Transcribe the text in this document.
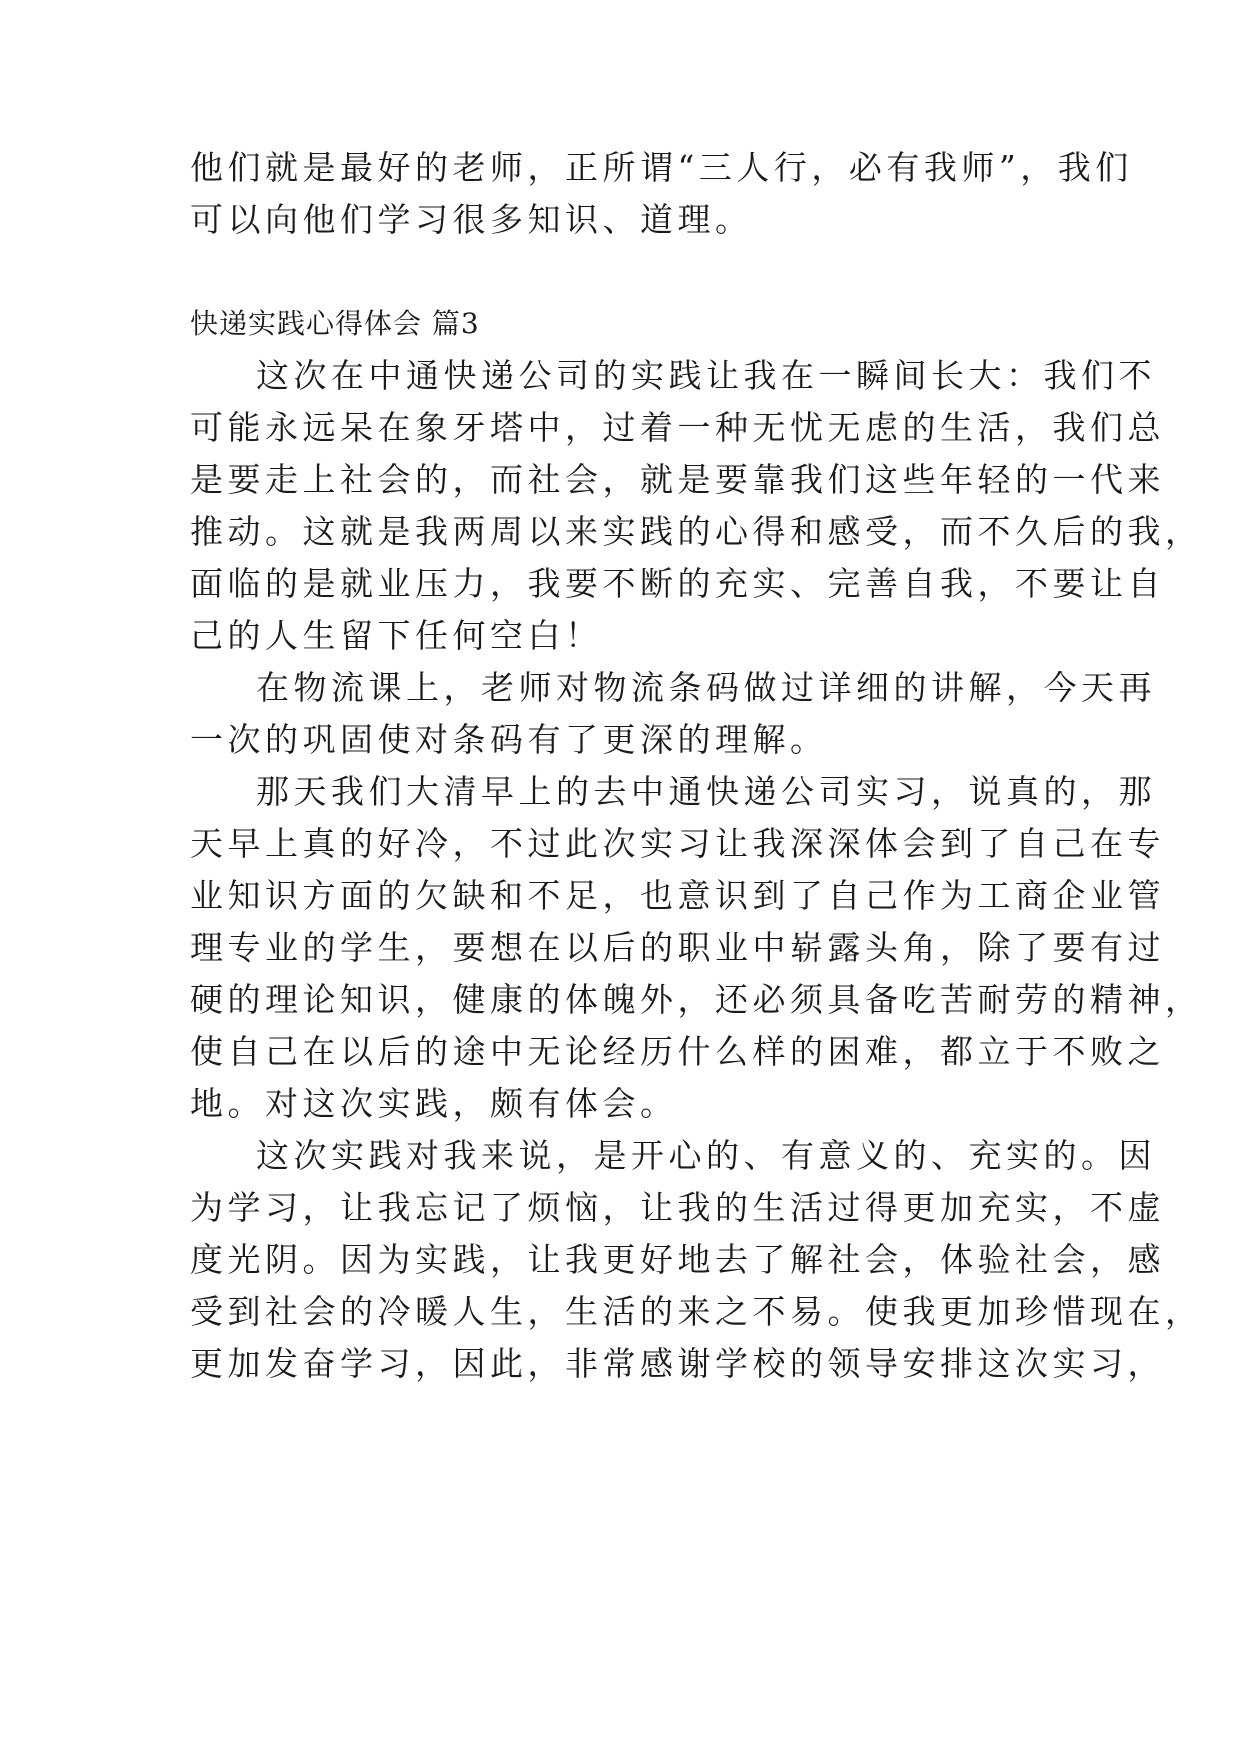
他们就是最好的老师，正所谓“三人行，必有我师”，我们
可以向他们学习很多知识、道理。
快递实践心得体会 篇3
这次在中通快递公司的实践让我在一瞬间长大：我们不
可能永远呆在象牙塔中，过着一种无忧无虑的生活，我们总
是要走上社会的，而社会，就是要靠我们这些年轻的一代来
推动。这就是我两周以来实践的心得和感受，而不久后的我，
面临的是就业压力，我要不断的充实、完善自我，不要让自
己的人生留下任何空白！
在物流课上，老师对物流条码做过详细的讲解，今天再
一次的巩固使对条码有了更深的理解。
那天我们大清早上的去中通快递公司实习，说真的，那
天早上真的好冷，不过此次实习让我深深体会到了自己在专
业知识方面的欠缺和不足，也意识到了自己作为工商企业管
理专业的学生，要想在以后的职业中崭露头角，除了要有过
硬的理论知识，健康的体魄外，还必须具备吃苦耐劳的精神，
使自己在以后的途中无论经历什么样的困难，都立于不败之
地。对这次实践，颇有体会。
这次实践对我来说，是开心的、有意义的、充实的。因
为学习，让我忘记了烦恼，让我的生活过得更加充实，不虚
度光阴。因为实践，让我更好地去了解社会，体验社会，感
受到社会的冷暖人生，生活的来之不易。使我更加珍惜现在，
更加发奋学习，因此，非常感谢学校的领导安排这次实习，
